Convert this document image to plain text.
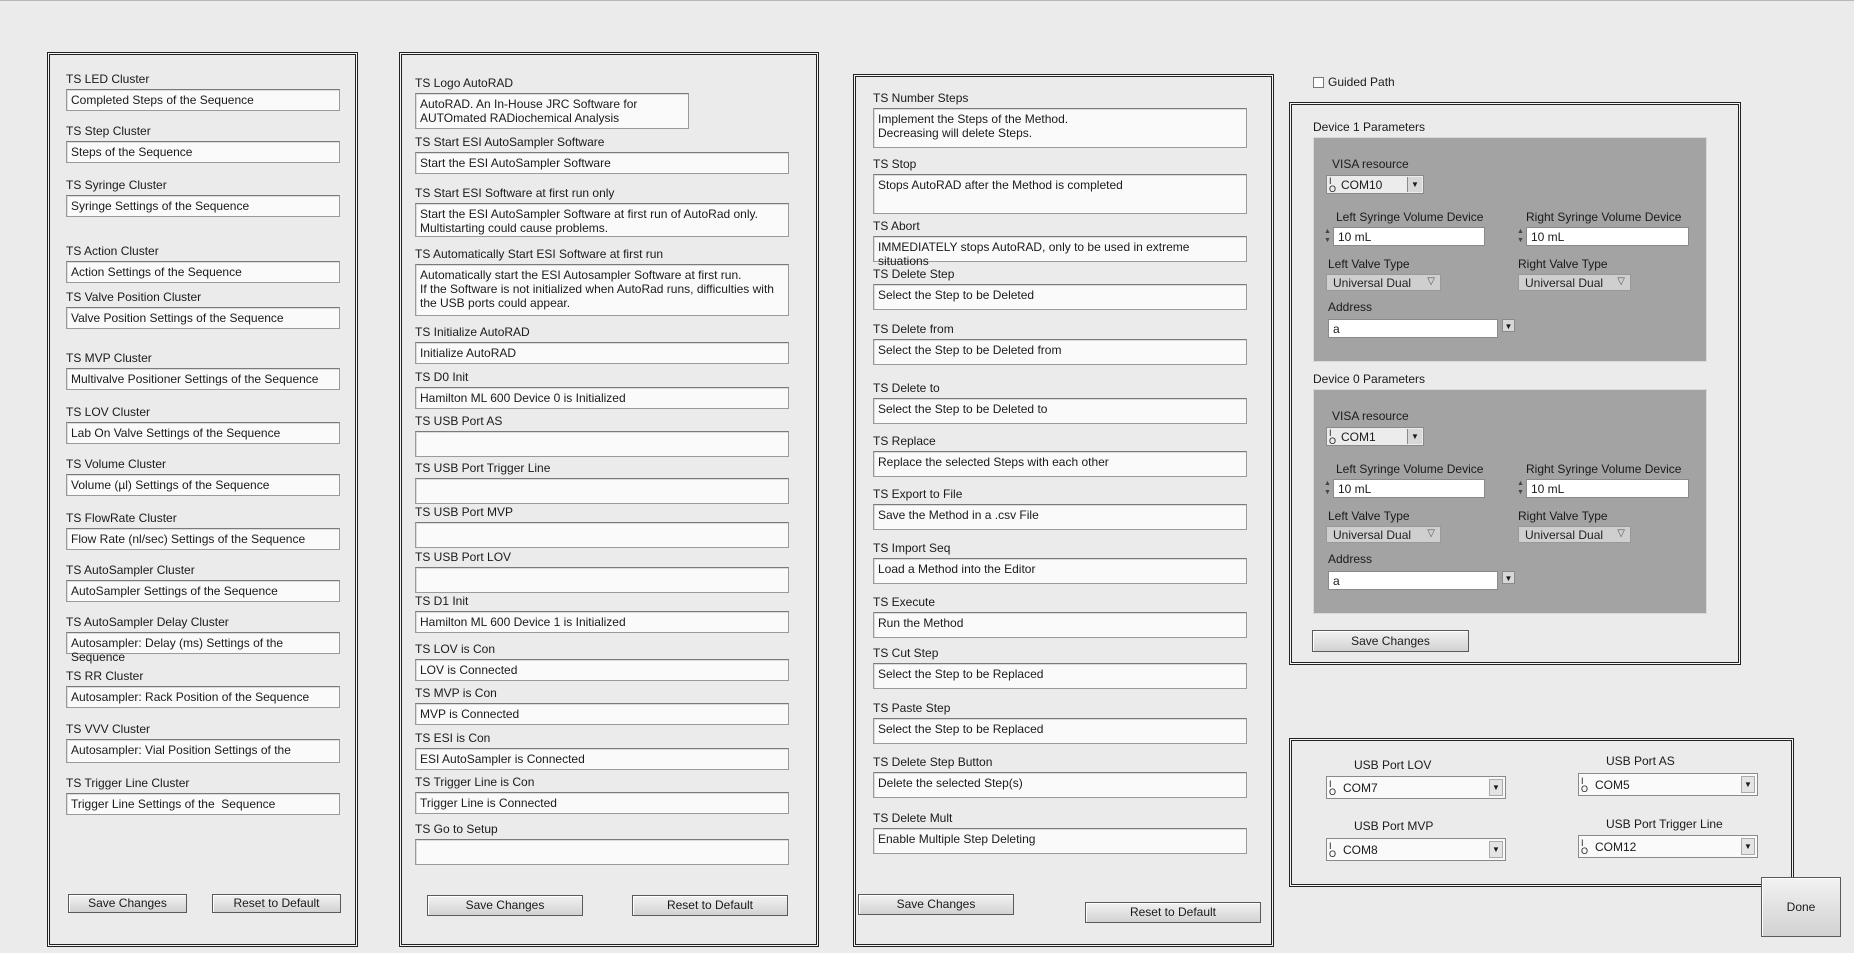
TS LED Cluster
Completed Steps of the Sequence
TS Step Cluster
Steps of the Sequence
TS Syringe Cluster
Syringe Settings of the Sequence
TS Action Cluster
Action Settings of the Sequence
TS Valve Position Cluster
Valve Position Settings of the Sequence
TS MVP Cluster
Multivalve Positioner Settings of the Sequence
TS LOV Cluster
Lab On Valve Settings of the Sequence
TS Volume Cluster
Volume (µl) Settings of the Sequence
TS FlowRate Cluster
Flow Rate (nl/sec) Settings of the Sequence
TS AutoSampler Cluster
AutoSampler Settings of the Sequence
TS AutoSampler Delay Cluster
Autosampler: Delay (ms) Settings of the Sequence
TS RR Cluster
Autosampler: Rack Position of the Sequence
TS VVV Cluster
Autosampler: Vial Position Settings of the
TS Trigger Line Cluster
Trigger Line Settings of the  Sequence
Save Changes	Reset to Default
TS Logo AutoRAD
AutoRAD. An In-House JRC Software for
AUTOmated RADiochemical Analysis
TS Start ESI AutoSampler Software
Start the ESI AutoSampler Software
TS Start ESI Software at first run only
Start the ESI AutoSampler Software at first run of AutoRad only.
Multistarting could cause problems.
TS Automatically Start ESI Software at first run
Automatically start the ESI Autosampler Software at first run.
If the Software is not initialized when AutoRad runs, difficulties with
the USB ports could appear.
TS Initialize AutoRAD
Initialize AutoRAD
TS D0 Init
Hamilton ML 600 Device 0 is Initialized
TS USB Port AS
TS USB Port Trigger Line
TS USB Port MVP
TS USB Port LOV
TS D1 Init
Hamilton ML 600 Device 1 is Initialized
TS LOV is Con
LOV is Connected
TS MVP is Con
MVP is Connected
TS ESI is Con
ESI AutoSampler is Connected
TS Trigger Line is Con
Trigger Line is Connected
TS Go to Setup
Save Changes	Reset to Default
TS Number Steps
Implement the Steps of the Method.
Decreasing will delete Steps.
TS Stop
Stops AutoRAD after the Method is completed
TS Abort
IMMEDIATELY stops AutoRAD, only to be used in extreme situations
TS Delete Step
Select the Step to be Deleted
TS Delete from
Select the Step to be Deleted from
TS Delete to
Select the Step to be Deleted to
TS Replace
Replace the selected Steps with each other
TS Export to File
Save the Method in a .csv File
TS Import Seq
Load a Method into the Editor
TS Execute
Run the Method
TS Cut Step
Select the Step to be Replaced
TS Paste Step
Select the Step to be Replaced
TS Delete Step Button
Delete the selected Step(s)
TS Delete Mult
Enable Multiple Step Deleting
Save Changes
Reset to Default
Guided Path
Device 1 Parameters
VISA resource
I
O COM10	▼
Left Syringe Volume Device
▲
▼ 10 mL
Right Syringe Volume Device
▲
▼ 10 mL
Left Valve Type
Universal Dual ▽
Right Valve Type
Universal Dual ▽
Address
a	▼
Device 0 Parameters
VISA resource
I
O COM1	▼
Left Syringe Volume Device
▲
▼ 10 mL
Right Syringe Volume Device
▲
▼ 10 mL
Left Valve Type
Universal Dual ▽
Right Valve Type
Universal Dual ▽
Address
a	▼
Save Changes
USB Port LOV
I
O COM7	▼
USB Port AS
I
O COM5	▼
USB Port MVP
I
O COM8	▼
USB Port Trigger Line
I
O COM12	▼
Done
